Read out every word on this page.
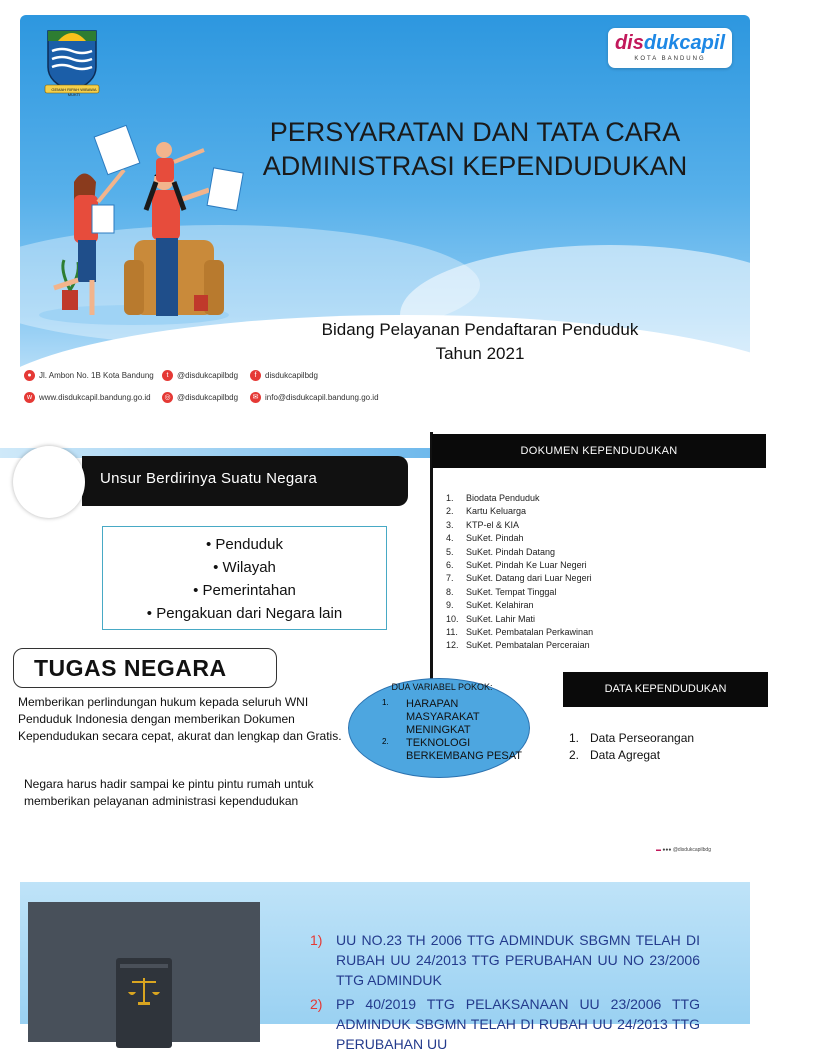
GEMAH RIPAH WIBAWA MUKTI
disdukcapil
KOTA BANDUNG
PERSYARATAN DAN TATA CARA
ADMINISTRASI KEPENDUDUKAN
Bidang Pelayanan Pendaftaran Penduduk
Tahun 2021
● Jl. Ambon No. 1B Kota Bandung	t	@disdukcapilbdg	f	disdukcapilbdg
w www.disdukcapil.bandung.go.id	◎ @disdukcapilbdg	✉ info@disdukcapil.bandung.go.id
Unsur Berdirinya Suatu Negara
• Penduduk
• Wilayah
• Pemerintahan
• Pengakuan dari Negara lain
TUGAS NEGARA
Memberikan perlindungan hukum kepada seluruh WNI Penduduk Indonesia dengan memberikan Dokumen Kependudukan secara cepat, akurat dan lengkap dan Gratis.
Negara harus hadir sampai ke pintu pintu rumah untuk memberikan pelayanan administrasi kependudukan
DOKUMEN KEPENDUDUKAN
1. Biodata Penduduk
2. Kartu Keluarga
3. KTP-el & KIA
4. SuKet. Pindah
5. SuKet. Pindah Datang
6. SuKet. Pindah Ke Luar Negeri
7. SuKet. Datang dari Luar Negeri
8. SuKet. Tempat Tinggal
9. SuKet. Kelahiran
10. SuKet. Lahir Mati
11. SuKet. Pembatalan Perkawinan
12. SuKet. Pembatalan Perceraian
DUA VARIABEL POKOK:
1.	HARAPAN MASYARAKAT MENINGKAT
2.	TEKNOLOGI BERKEMBANG PESAT
DATA KEPENDUDUKAN
1. Data Perseorangan
2. Data Agregat
▬ ●●● @disdukcapilbdg
1) UU NO.23 TH 2006 TTG ADMINDUK SBGMN TELAH DI RUBAH UU 24/2013 TTG PERUBAHAN UU NO 23/2006 TTG ADMINDUK
2) PP 40/2019 TTG PELAKSANAAN UU 23/2006 TTG ADMINDUK SBGMN TELAH DI RUBAH UU 24/2013 TTG PERUBAHAN UU
